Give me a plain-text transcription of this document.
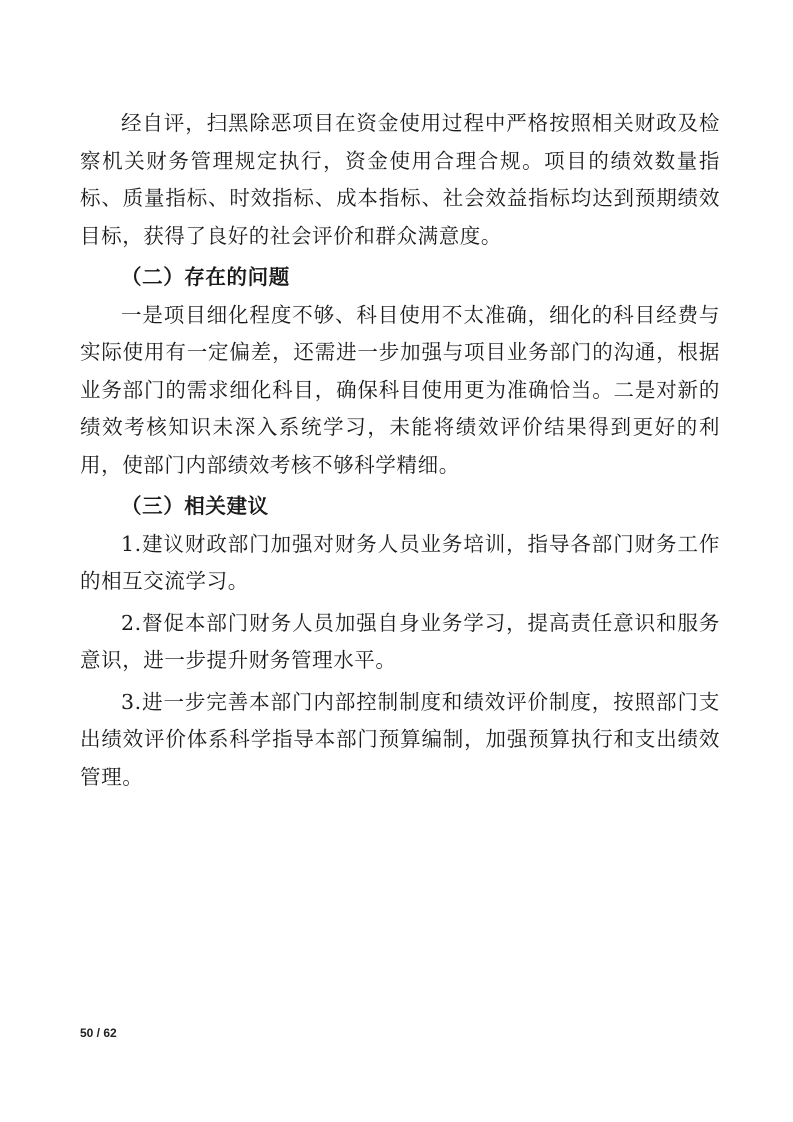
经自评，扫黑除恶项目在资金使用过程中严格按照相关财政及检察机关财务管理规定执行，资金使用合理合规。项目的绩效数量指标、质量指标、时效指标、成本指标、社会效益指标均达到预期绩效目标，获得了良好的社会评价和群众满意度。

（二）存在的问题

一是项目细化程度不够、科目使用不太准确，细化的科目经费与实际使用有一定偏差，还需进一步加强与项目业务部门的沟通，根据业务部门的需求细化科目，确保科目使用更为准确恰当。二是对新的绩效考核知识未深入系统学习，未能将绩效评价结果得到更好的利用，使部门内部绩效考核不够科学精细。

（三）相关建议

1.建议财政部门加强对财务人员业务培训，指导各部门财务工作的相互交流学习。

2.督促本部门财务人员加强自身业务学习，提高责任意识和服务意识，进一步提升财务管理水平。

3.进一步完善本部门内部控制制度和绩效评价制度，按照部门支出绩效评价体系科学指导本部门预算编制，加强预算执行和支出绩效管理。

50 / 62
